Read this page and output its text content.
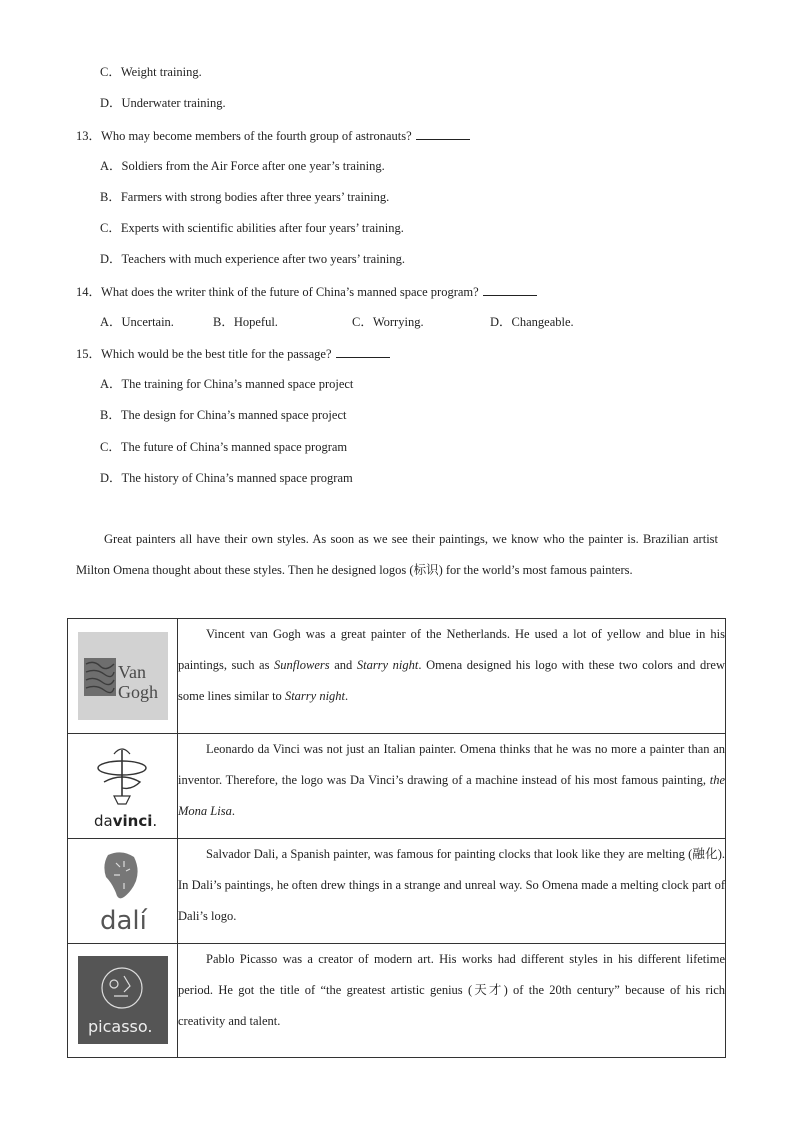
C．Weight training.
D．Underwater training.
13．Who may become members of the fourth group of astronauts?
A．Soldiers from the Air Force after one year’s training.
B．Farmers with strong bodies after three years’ training.
C．Experts with scientific abilities after four years’ training.
D．Teachers with much experience after two years’ training.
14．What does the writer think of the future of China’s manned space program?
A．Uncertain.	B．Hopeful.	C．Worrying.	D．Changeable.
15．Which would be the best title for the passage?
A．The training for China’s manned space project
B．The design for China’s manned space project
C．The future of China’s manned space program
D．The history of China’s manned space program
Great painters all have their own styles. As soon as we see their paintings, we know who the painter is. Brazilian artist Milton Omena thought about these styles. Then he designed logos (标识) for the world’s most famous painters.
Van
Gogh	Vincent van Gogh was a great painter of the Netherlands. He used a lot of yellow and blue in his paintings, such as Sunflowers and Starry night. Omena designed his logo with these two colors and drew some lines similar to Starry night.

davinci.	Leonardo da Vinci was not just an Italian painter. Omena thinks that he was no more a painter than an inventor. Therefore, the logo was Da Vinci’s drawing of a machine instead of his most famous painting, the Mona Lisa.

dalí	Salvador Dali, a Spanish painter, was famous for painting clocks that look like they are melting (融化). In Dali’s paintings, he often drew things in a strange and unreal way. So Omena made a melting clock part of Dali’s logo.

picasso.	Pablo Picasso was a creator of modern art. His works had different styles in his different lifetime period. He got the title of “the greatest artistic genius (天才) of the 20th century” because of his rich creativity and talent.
